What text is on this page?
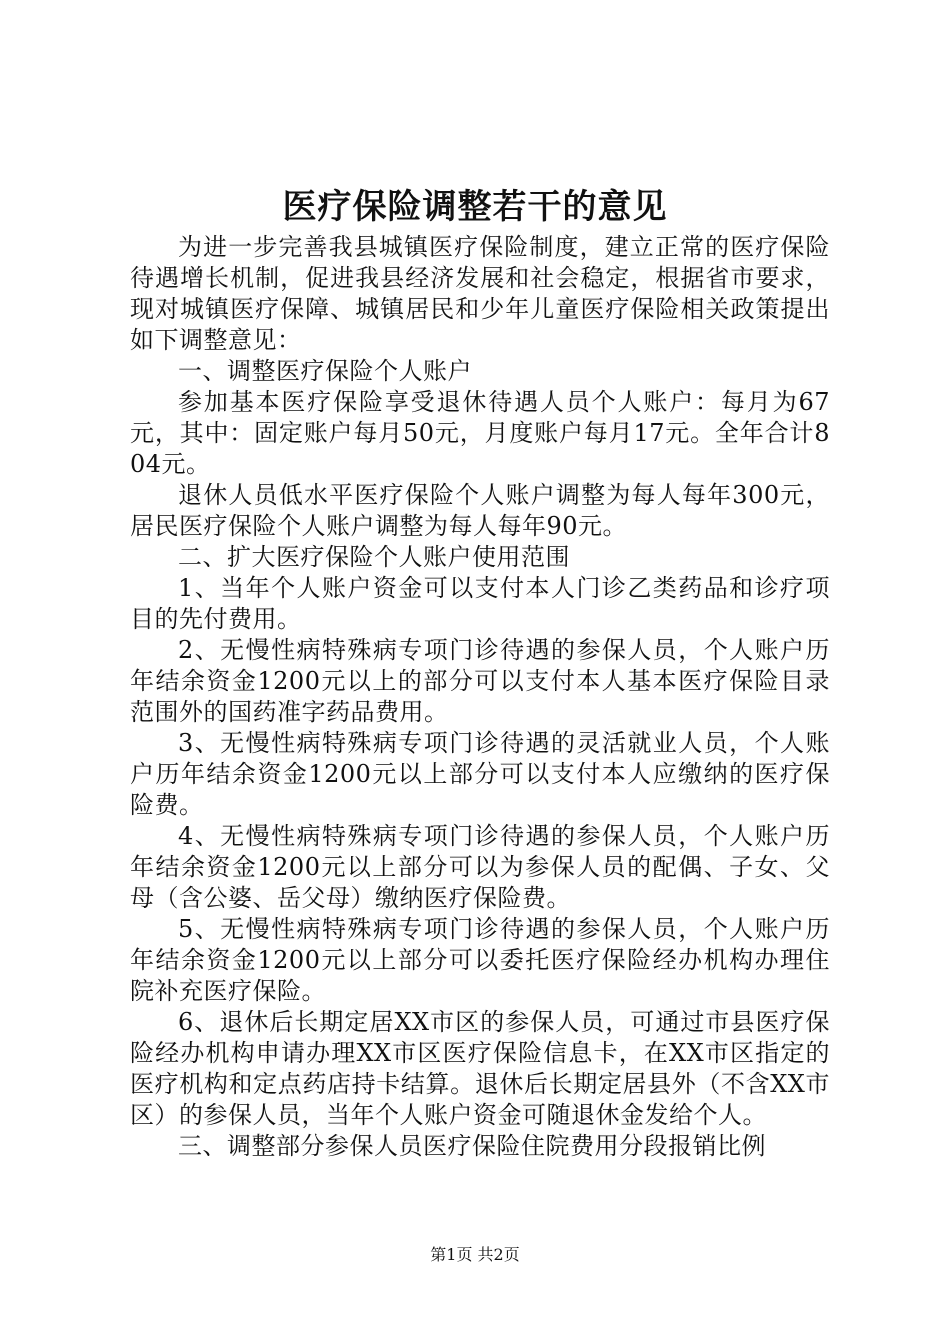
医疗保险调整若干的意见

为进一步完善我县城镇医疗保险制度，建立正常的医疗保险待遇增长机制，促进我县经济发展和社会稳定，根据省市要求，现对城镇医疗保障、城镇居民和少年儿童医疗保险相关政策提出如下调整意见：

一、调整医疗保险个人账户

参加基本医疗保险享受退休待遇人员个人账户：每月为67元，其中：固定账户每月50元，月度账户每月17元。全年合计804元。

退休人员低水平医疗保险个人账户调整为每人每年300元，居民医疗保险个人账户调整为每人每年90元。

二、扩大医疗保险个人账户使用范围

1、当年个人账户资金可以支付本人门诊乙类药品和诊疗项目的先付费用。

2、无慢性病特殊病专项门诊待遇的参保人员，个人账户历年结余资金1200元以上的部分可以支付本人基本医疗保险目录范围外的国药准字药品费用。

3、无慢性病特殊病专项门诊待遇的灵活就业人员，个人账户历年结余资金1200元以上部分可以支付本人应缴纳的医疗保险费。

4、无慢性病特殊病专项门诊待遇的参保人员，个人账户历年结余资金1200元以上部分可以为参保人员的配偶、子女、父母（含公婆、岳父母）缴纳医疗保险费。

5、无慢性病特殊病专项门诊待遇的参保人员，个人账户历年结余资金1200元以上部分可以委托医疗保险经办机构办理住院补充医疗保险。

6、退休后长期定居XX市区的参保人员，可通过市县医疗保险经办机构申请办理XX市区医疗保险信息卡，在XX市区指定的医疗机构和定点药店持卡结算。退休后长期定居县外（不含XX市区）的参保人员，当年个人账户资金可随退休金发给个人。

三、调整部分参保人员医疗保险住院费用分段报销比例

第1页 共2页
